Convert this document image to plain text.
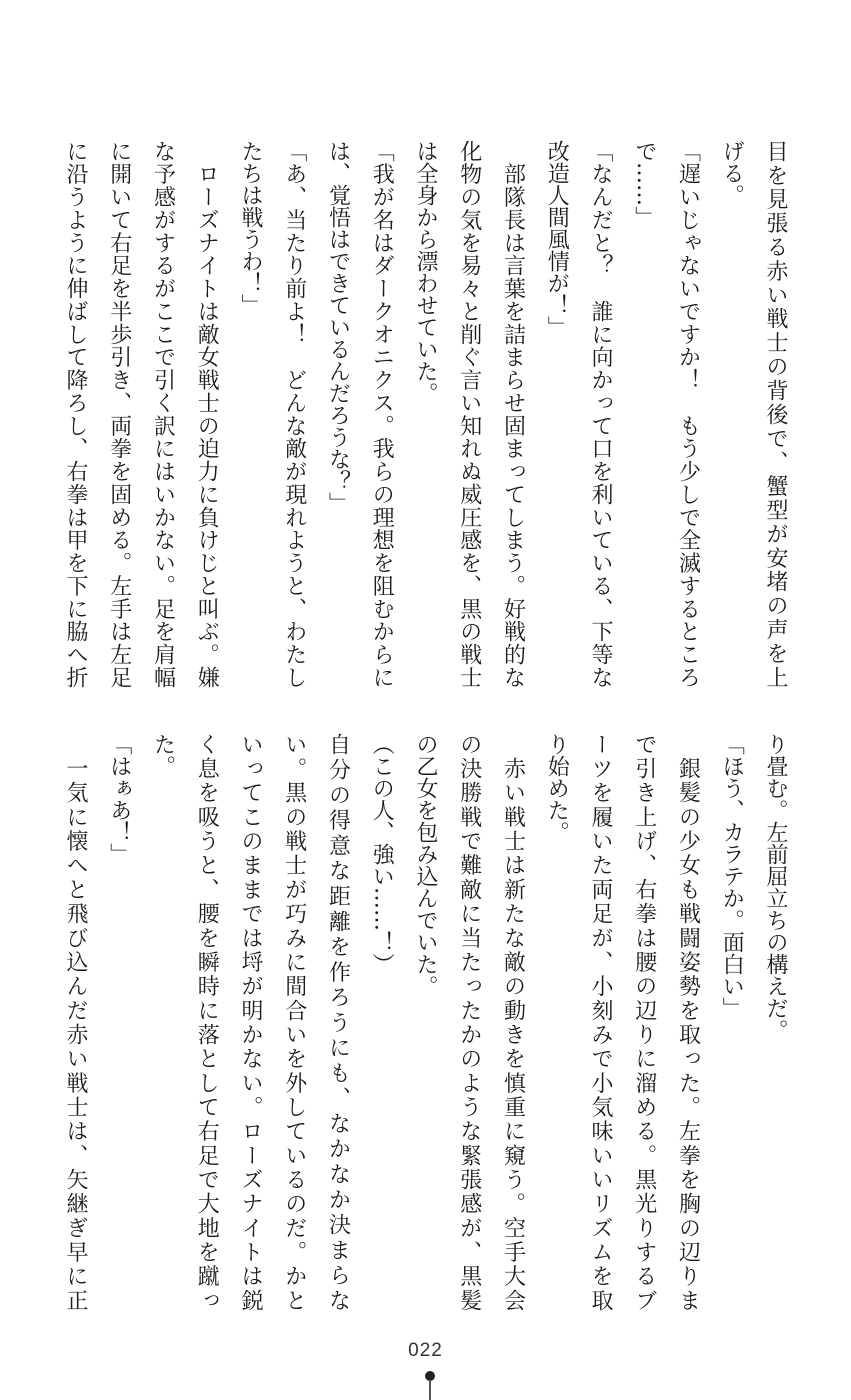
目を見張る赤い戦士の背後で、蟹型が安堵の声を上
げる。
「遅いじゃないですか！　もう少しで全滅するところ
で……」
「なんだと？　誰に向かって口を利いている、下等な
改造人間風情が！」
　部隊長は言葉を詰まらせ固まってしまう。好戦的な
化物の気を易々と削ぐ言い知れぬ威圧感を、黒の戦士
は全身から漂わせていた。
「我が名はダークオニクス。我らの理想を阻むからに
は、覚悟はできているんだろうな？」
「あ、当たり前よ！　どんな敵が現れようと、わたし
たちは戦うわ！」
　ローズナイトは敵女戦士の迫力に負けじと叫ぶ。嫌
な予感がするがここで引く訳にはいかない。足を肩幅
に開いて右足を半歩引き、両拳を固める。左手は左足
に沿うように伸ばして降ろし、右拳は甲を下に脇へ折
り畳む。左前屈立ちの構えだ。
「ほう、カラテか。面白い」
　銀髪の少女も戦闘姿勢を取った。左拳を胸の辺りま
で引き上げ、右拳は腰の辺りに溜める。黒光りするブ
ーツを履いた両足が、小刻みで小気味いいリズムを取
り始めた。
　赤い戦士は新たな敵の動きを慎重に窺う。空手大会
の決勝戦で難敵に当たったかのような緊張感が、黒髪
の乙女を包み込んでいた。
（この人、強い……！）
自分の得意な距離を作ろうにも、なかなか決まらな
い。黒の戦士が巧みに間合いを外しているのだ。かと
いってこのままでは埒が明かない。ローズナイトは鋭
く息を吸うと、腰を瞬時に落として右足で大地を蹴っ
た。
「はぁあ！」
　一気に懐へと飛び込んだ赤い戦士は、矢継ぎ早に正
022
